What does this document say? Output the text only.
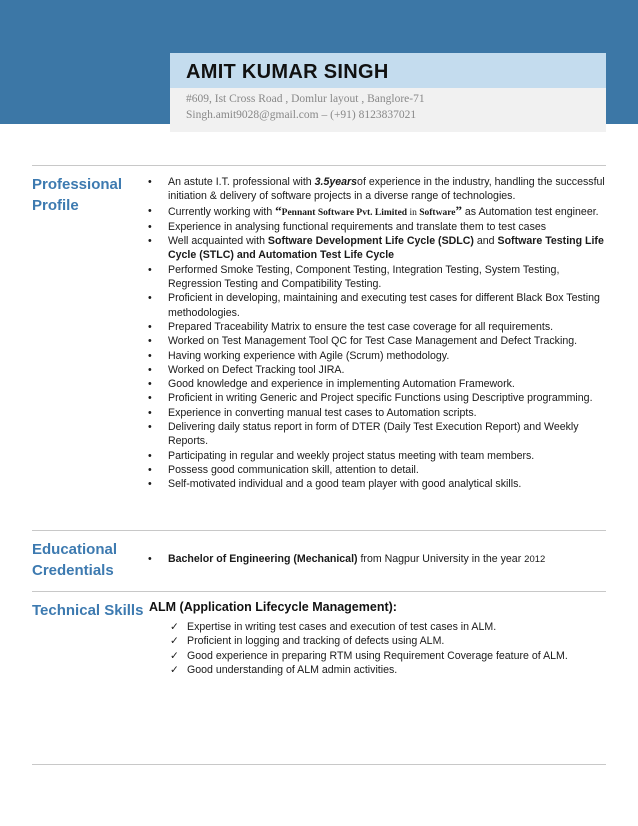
AMIT KUMAR SINGH
#609, Ist Cross Road , Domlur layout , Banglore-71
Singh.amit9028@gmail.com – (+91) 8123837021
Professional
Profile
• An astute I.T. professional with 3.5yearsof experience in the industry, handling the successful initiation & delivery of software projects in a diverse range of technologies.
• Currently working with “Pennant Software Pvt. Limited in Software” as Automation test engineer.
• Experience in analysing functional requirements and translate them to test cases
• Well acquainted with Software Development Life Cycle (SDLC) and Software Testing Life Cycle (STLC) and Automation Test Life Cycle
• Performed Smoke Testing, Component Testing, Integration Testing, System Testing, Regression Testing and Compatibility Testing.
• Proficient in developing, maintaining and executing test cases for different Black Box Testing methodologies.
• Prepared Traceability Matrix to ensure the test case coverage for all requirements.
• Worked on Test Management Tool QC for Test Case Management and Defect Tracking.
• Having working experience with Agile (Scrum) methodology.
• Worked on Defect Tracking tool JIRA.
• Good knowledge and experience in implementing Automation Framework.
• Proficient in writing Generic and Project specific Functions using Descriptive programming.
• Experience in converting manual test cases to Automation scripts.
• Delivering daily status report in form of DTER (Daily Test Execution Report) and Weekly Reports.
• Participating in regular and weekly project status meeting with team members.
• Possess good communication skill, attention to detail.
• Self-motivated individual and a good team player with good analytical skills.
Educational
Credentials
•	Bachelor of Engineering (Mechanical) from Nagpur University in the year 2012
Technical Skills ALM (Application Lifecycle Management):
✓ Expertise in writing test cases and execution of test cases in ALM.
✓ Proficient in logging and tracking of defects using ALM.
✓ Good experience in preparing RTM using Requirement Coverage feature of ALM.
✓ Good understanding of ALM admin activities.
